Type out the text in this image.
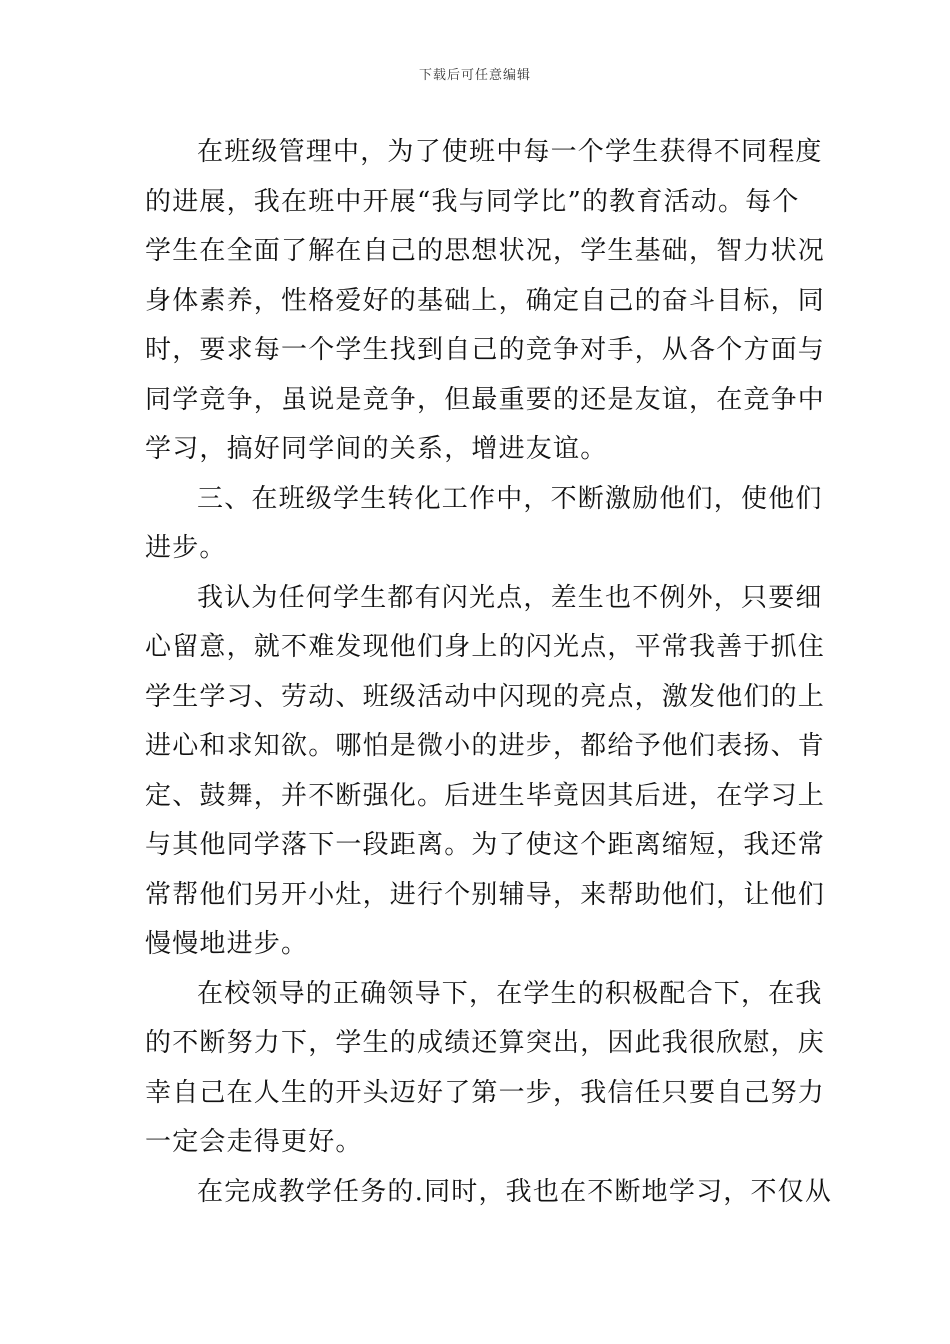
下载后可任意编辑
在班级管理中，为了使班中每一个学生获得不同程度
的进展，我在班中开展“我与同学比”的教育活动。每个
学生在全面了解在自己的思想状况，学生基础，智力状况
身体素养，性格爱好的基础上，确定自己的奋斗目标，同
时，要求每一个学生找到自己的竞争对手，从各个方面与
同学竞争，虽说是竞争，但最重要的还是友谊，在竞争中
学习，搞好同学间的关系，增进友谊。
三、在班级学生转化工作中，不断激励他们，使他们
进步。
我认为任何学生都有闪光点，差生也不例外，只要细
心留意，就不难发现他们身上的闪光点，平常我善于抓住
学生学习、劳动、班级活动中闪现的亮点，激发他们的上
进心和求知欲。哪怕是微小的进步，都给予他们表扬、肯
定、鼓舞，并不断强化。后进生毕竟因其后进，在学习上
与其他同学落下一段距离。为了使这个距离缩短，我还常
常帮他们另开小灶，进行个别辅导，来帮助他们，让他们
慢慢地进步。
在校领导的正确领导下，在学生的积极配合下，在我
的不断努力下，学生的成绩还算突出，因此我很欣慰，庆
幸自己在人生的开头迈好了第一步，我信任只要自己努力
一定会走得更好。
在完成教学任务的.同时，我也在不断地学习，不仅从
